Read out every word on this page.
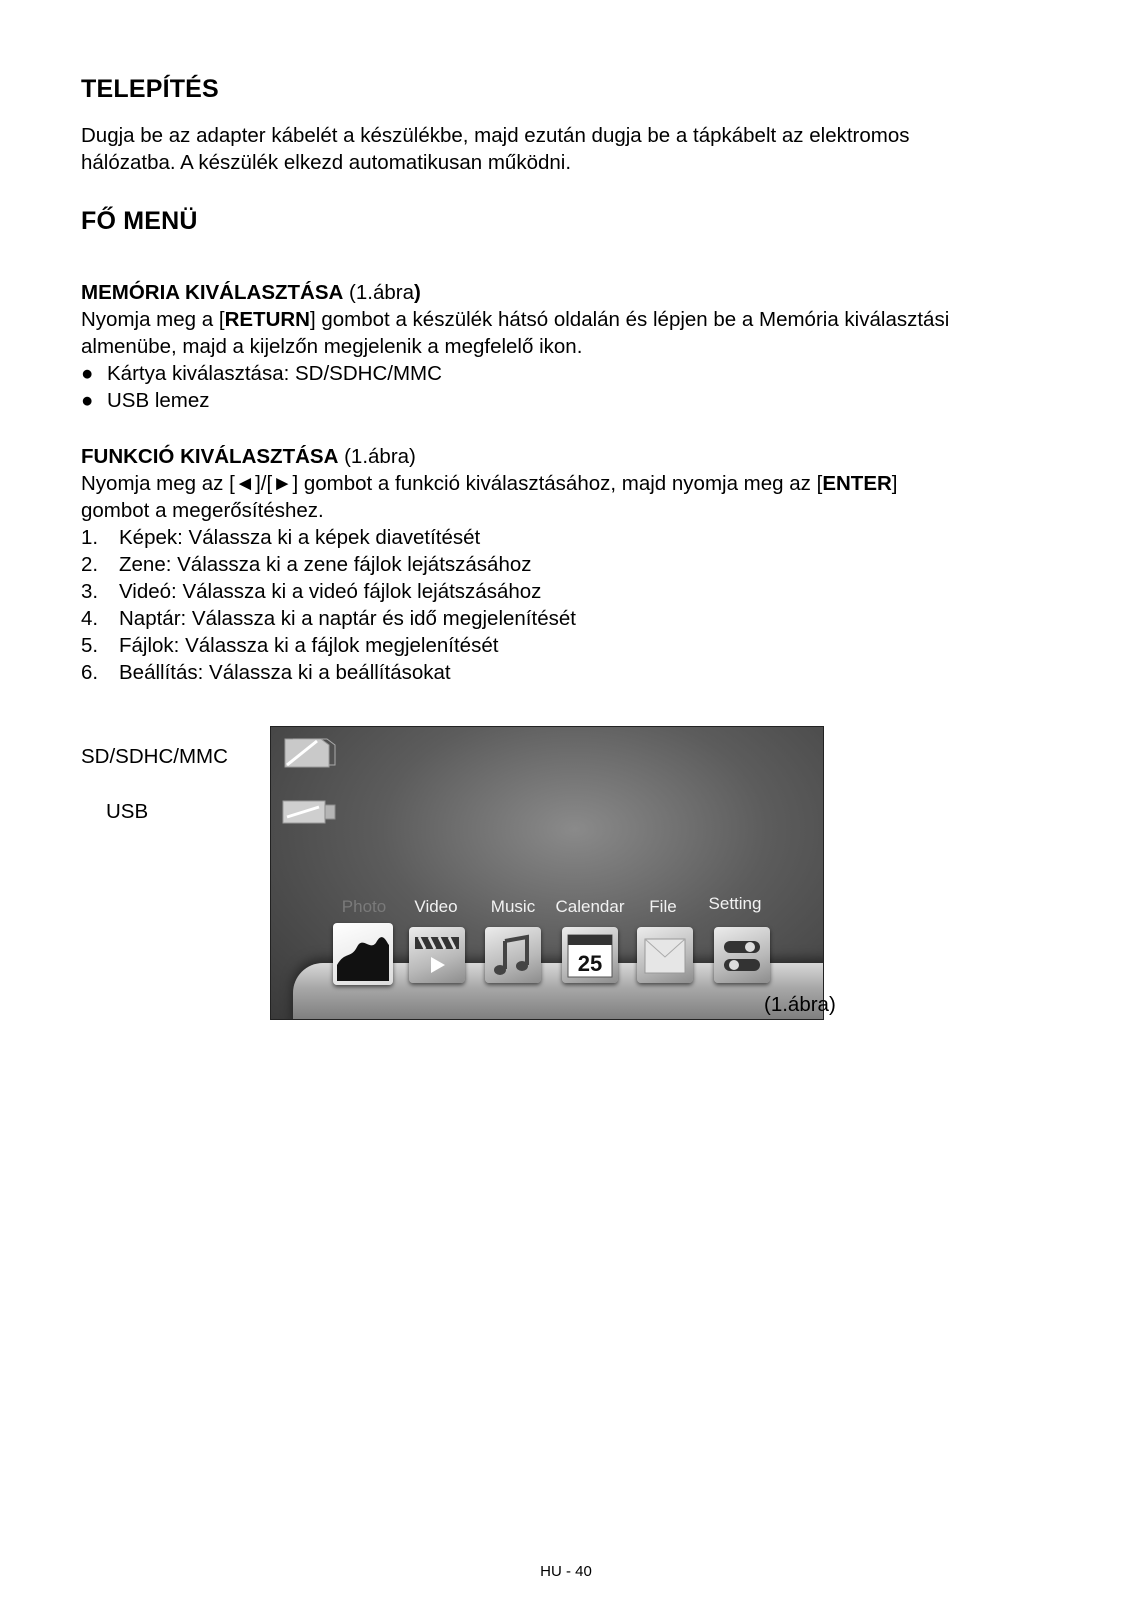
TELEPÍTÉS

Dugja be az adapter kábelét a készülékbe, majd ezután dugja be a tápkábelt az elektromos

hálózatba. A készülék elkezd automatikusan működni.

FŐ MENÜ

MEMÓRIA KIVÁLASZTÁSA (1.ábra)

Nyomja meg a [RETURN] gombot a készülék hátsó oldalán és lépjen be a Memória kiválasztási

almenübe, majd a kijelzőn megjelenik a megfelelő ikon.

● Kártya kiválasztása: SD/SDHC/MMC
● USB lemez

FUNKCIÓ KIVÁLASZTÁSA (1.ábra)

Nyomja meg az [◄]/[►] gombot a funkció kiválasztásához, majd nyomja meg az [ENTER]

gombot a megerősítéshez.

1. Képek: Válassza ki a képek diavetítését
2. Zene: Válassza ki a zene fájlok lejátszásához
3. Videó: Válassza ki a videó fájlok lejátszásához
4. Naptár: Válassza ki a naptár és idő megjelenítését
5. Fájlok: Válassza ki a fájlok megjelenítését
6. Beállítás: Válassza ki a beállításokat
SD/SDHC/MMC
USB
Photo	Video	Music	Calendar	File	Setting
25
(1.ábra)
HU - 40
